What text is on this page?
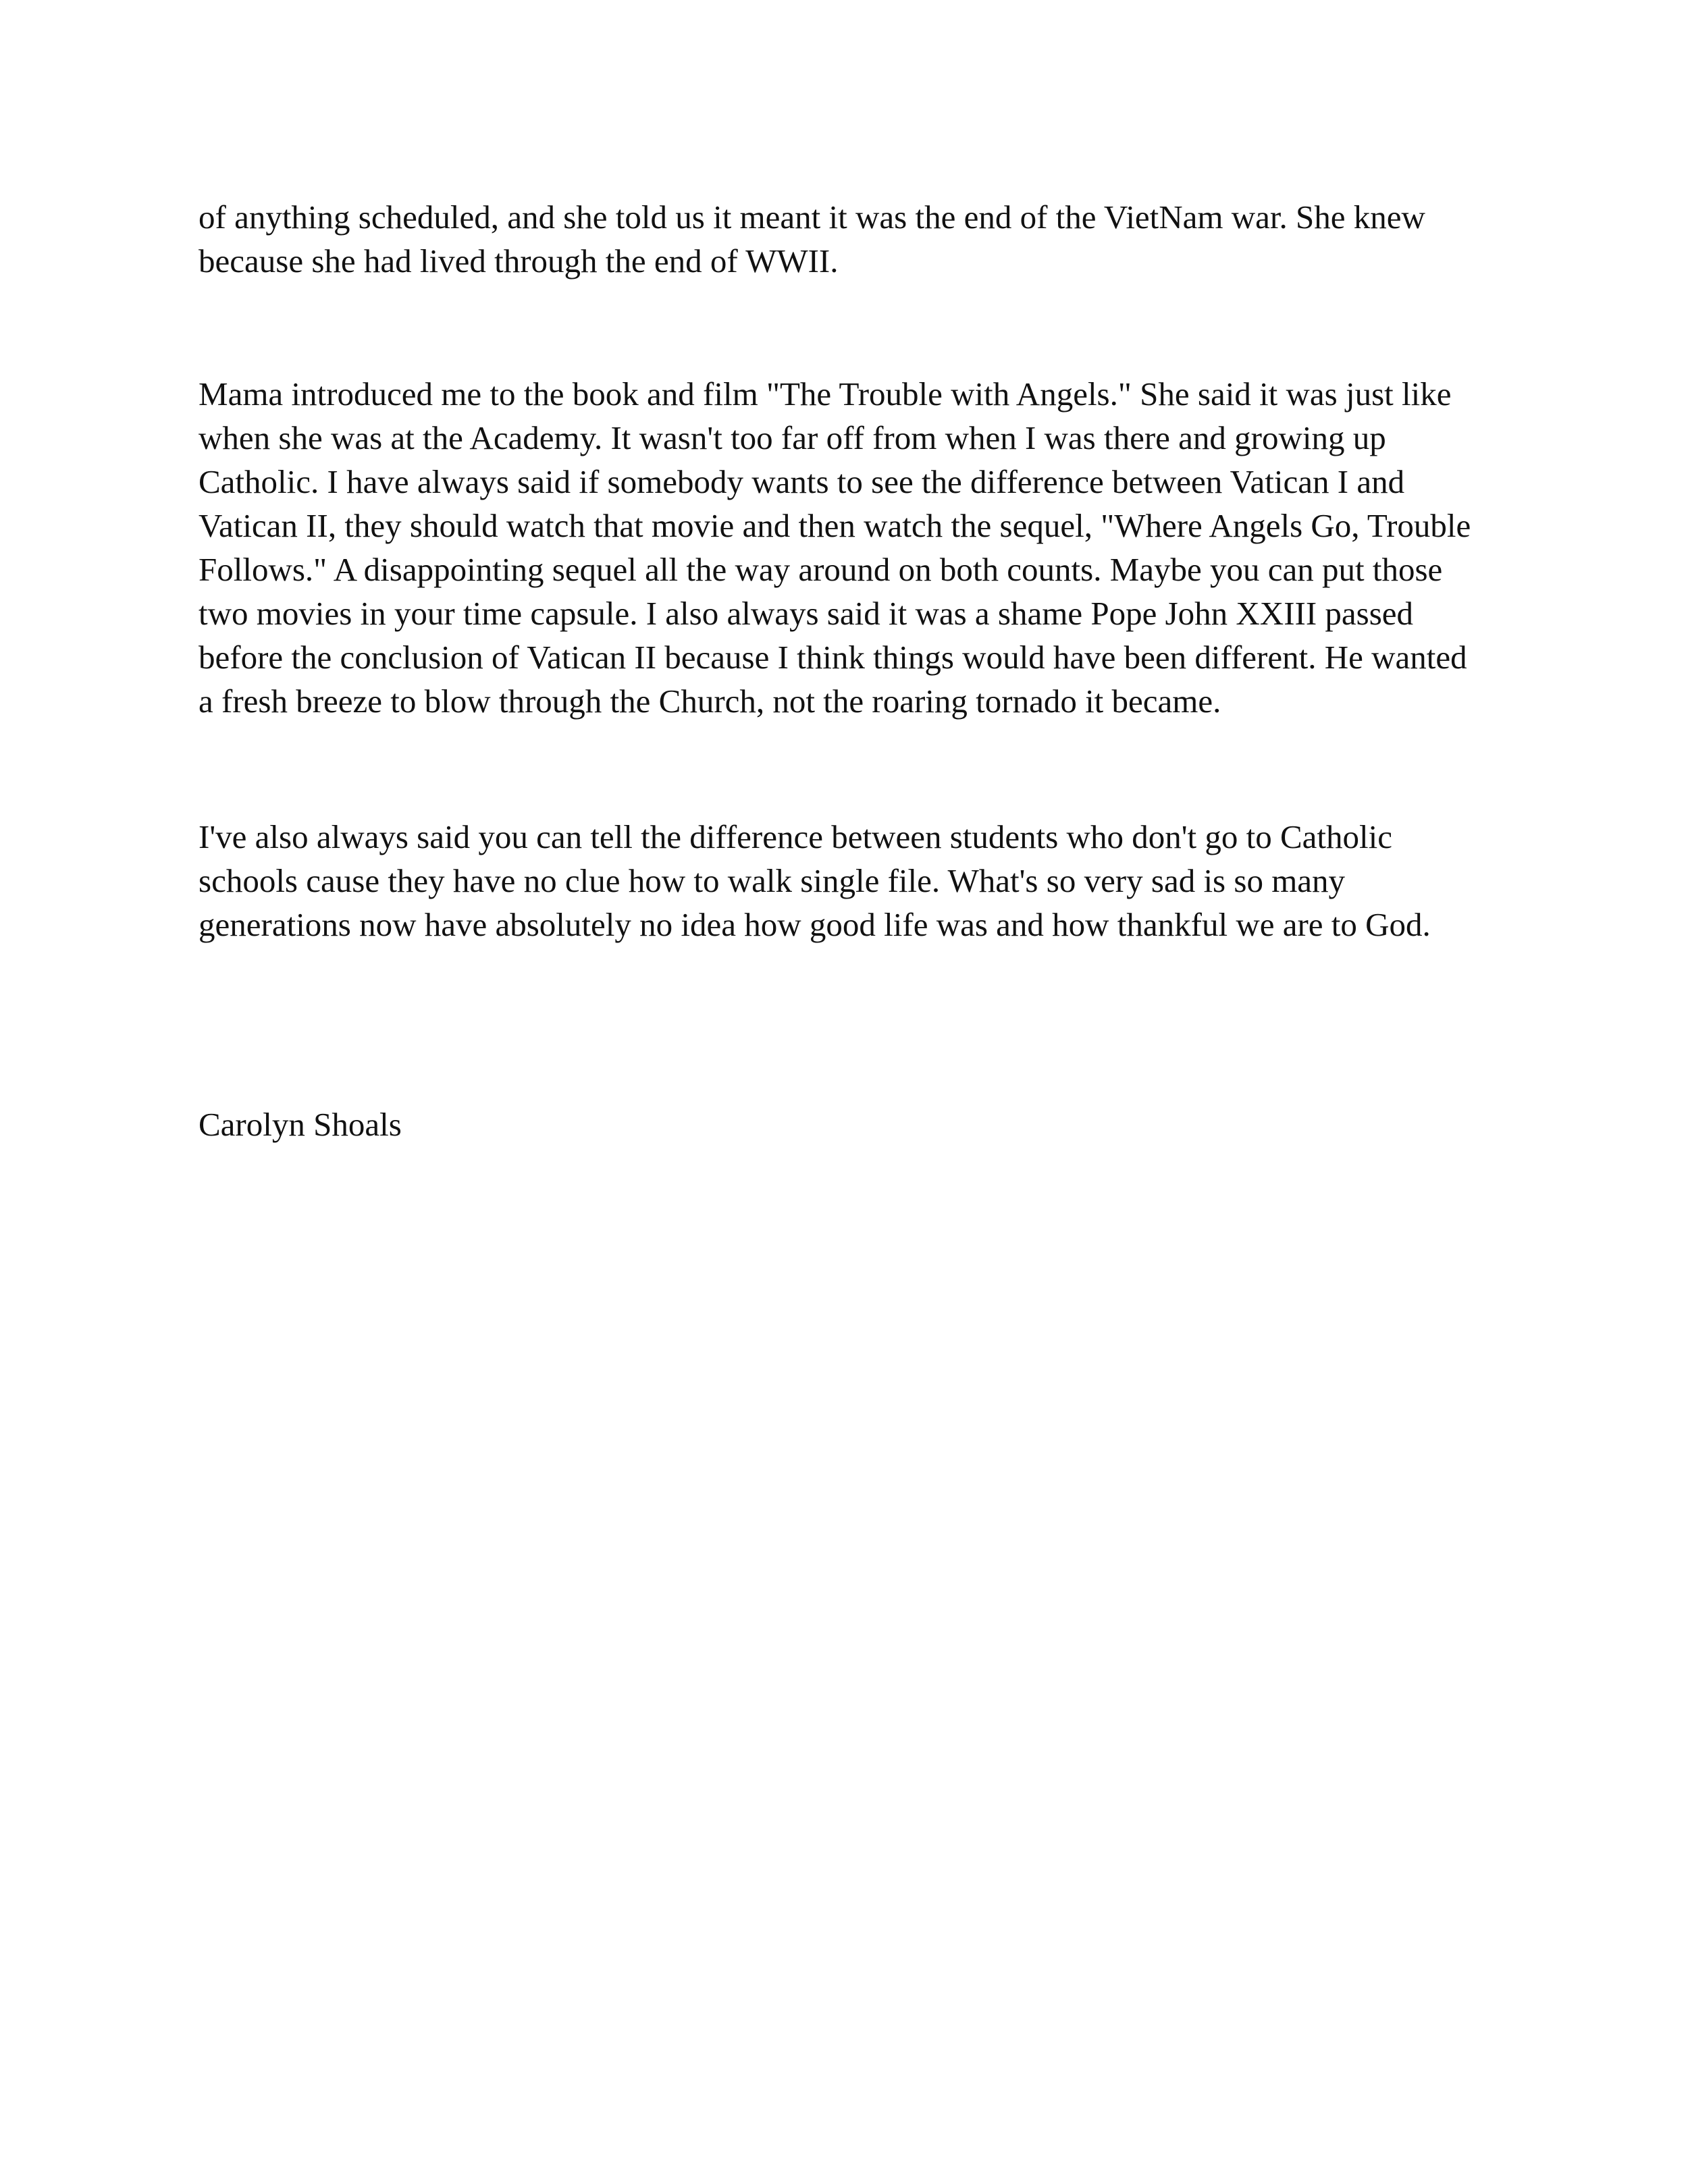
of anything scheduled, and she told us it meant it was the end of the VietNam war. She knew
because she had lived through the end of WWII.
Mama introduced me to the book and film "The Trouble with Angels." She said it was just like
when she was at the Academy. It wasn't too far off from when I was there and growing up
Catholic. I have always said if somebody wants to see the difference between Vatican I and
Vatican II, they should watch that movie and then watch the sequel, "Where Angels Go, Trouble
Follows." A disappointing sequel all the way around on both counts. Maybe you can put those
two movies in your time capsule. I also always said it was a shame Pope John XXIII passed
before the conclusion of Vatican II because I think things would have been different. He wanted
a fresh breeze to blow through the Church, not the roaring tornado it became.
I've also always said you can tell the difference between students who don't go to Catholic
schools cause they have no clue how to walk single file. What's so very sad is so many
generations now have absolutely no idea how good life was and how thankful we are to God.
Carolyn Shoals
